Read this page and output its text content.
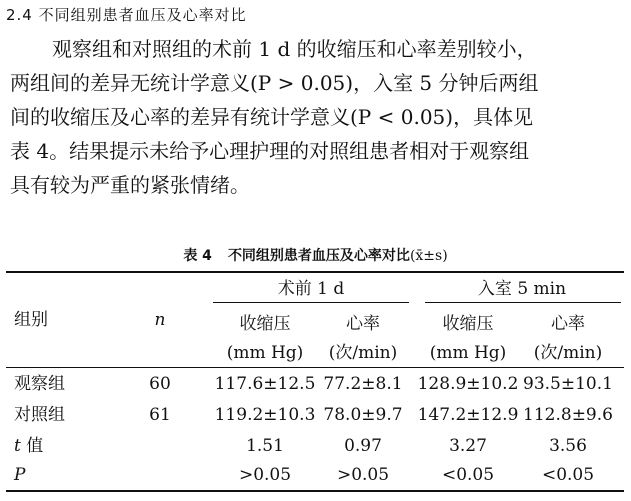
2.4 不同组别患者血压及心率对比
观察组和对照组的术前 1 d 的收缩压和心率差别较小，
两组间的差异无统计学意义(P > 0.05)，入室 5 分钟后两组
间的收缩压及心率的差异有统计学意义(P < 0.05)，具体见
表 4。结果提示未给予心理护理的对照组患者相对于观察组
具有较为严重的紧张情绪。
表 4 不同组别患者血压及心率对比(x̄±s)
组别	n
术前 1 d	入室 5 min
收缩压	心率	收缩压	心率
(mm Hg) (次/min) (mm Hg) (次/min)
观察组	60	117.6±12.5 77.2±8.1 128.9±10.2 93.5±10.1
对照组	61	119.2±10.3 78.0±9.7 147.2±12.9 112.8±9.6
t 值	1.51	0.97	3.27	3.56
P	>0.05	>0.05	<0.05	<0.05
